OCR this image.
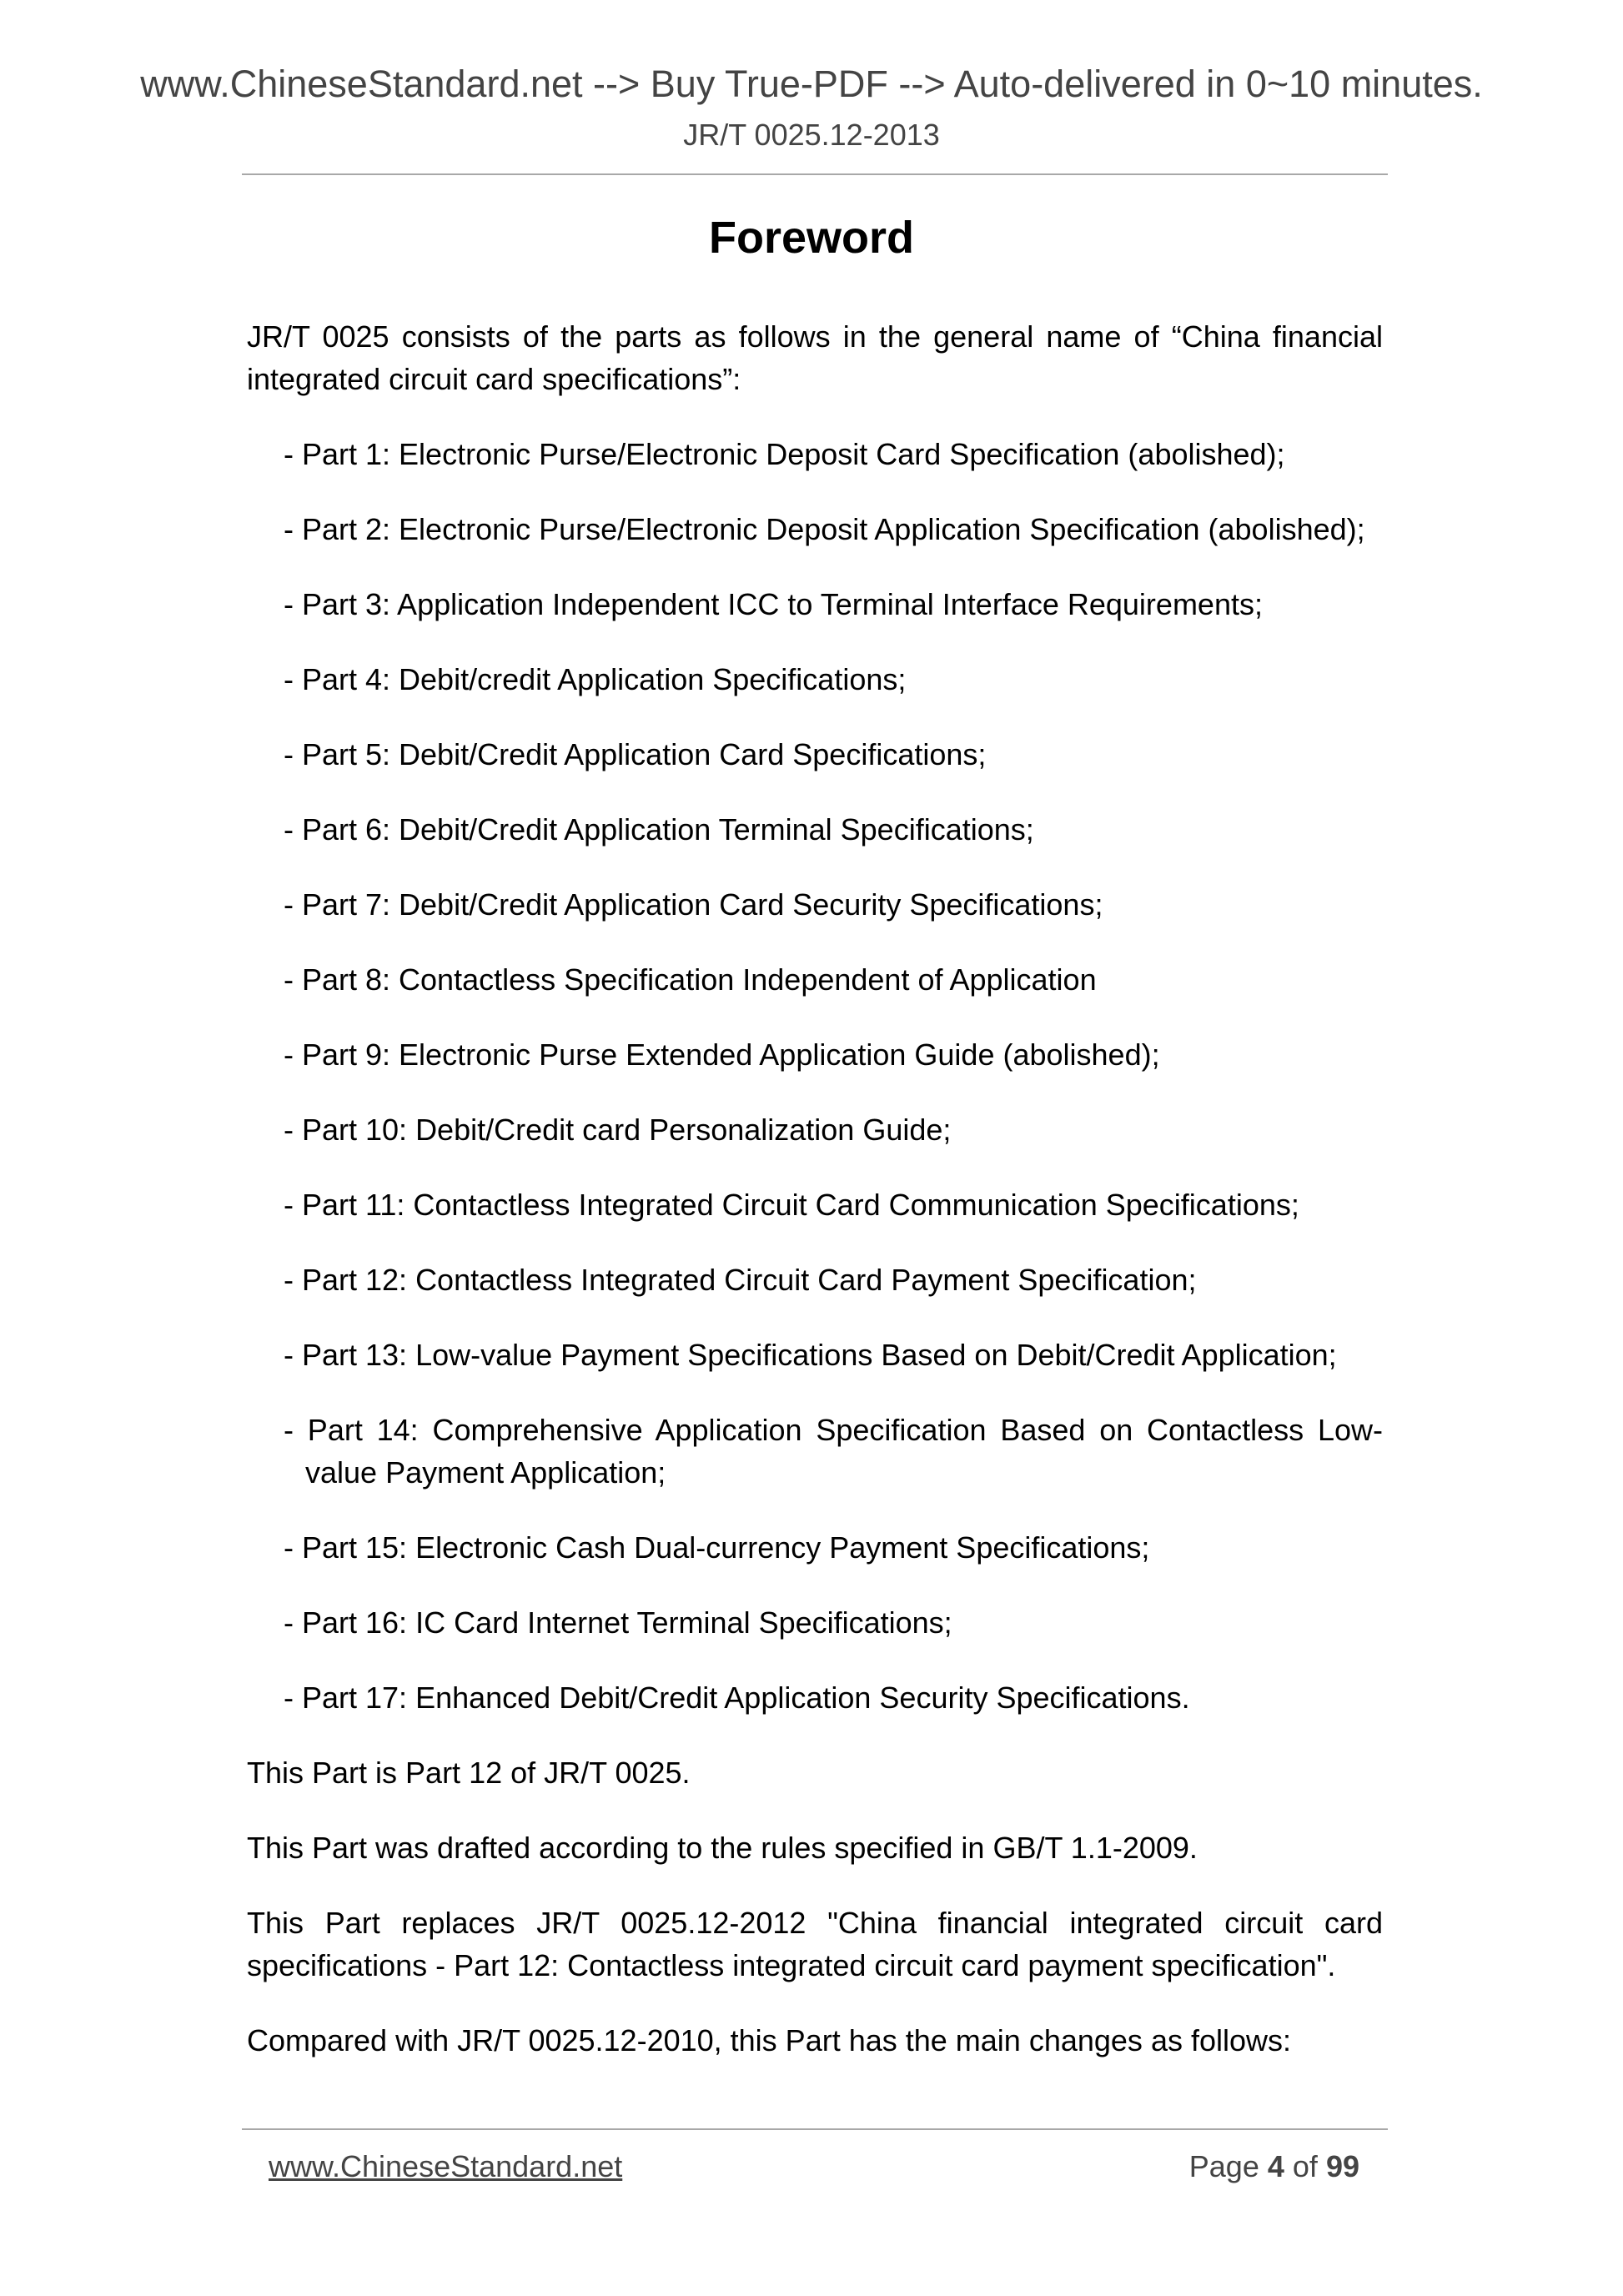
www.ChineseStandard.net --> Buy True-PDF --> Auto-delivered in 0~10 minutes.
JR/T 0025.12-2013
Foreword

JR/T 0025 consists of the parts as follows in the general name of “China financial integrated circuit card specifications”:

- Part 1: Electronic Purse/Electronic Deposit Card Specification (abolished);
- Part 2: Electronic Purse/Electronic Deposit Application Specification (abolished);
- Part 3: Application Independent ICC to Terminal Interface Requirements;
- Part 4: Debit/credit Application Specifications;
- Part 5: Debit/Credit Application Card Specifications;
- Part 6: Debit/Credit Application Terminal Specifications;
- Part 7: Debit/Credit Application Card Security Specifications;
- Part 8: Contactless Specification Independent of Application
- Part 9: Electronic Purse Extended Application Guide (abolished);
- Part 10: Debit/Credit card Personalization Guide;
- Part 11: Contactless Integrated Circuit Card Communication Specifications;
- Part 12: Contactless Integrated Circuit Card Payment Specification;
- Part 13: Low-value Payment Specifications Based on Debit/Credit Application;
- Part 14: Comprehensive Application Specification Based on Contactless Low-value Payment Application;
- Part 15: Electronic Cash Dual-currency Payment Specifications;
- Part 16: IC Card Internet Terminal Specifications;
- Part 17: Enhanced Debit/Credit Application Security Specifications.

This Part is Part 12 of JR/T 0025.

This Part was drafted according to the rules specified in GB/T 1.1-2009.

This Part replaces JR/T 0025.12-2012 "China financial integrated circuit card specifications - Part 12: Contactless integrated circuit card payment specification".

Compared with JR/T 0025.12-2010, this Part has the main changes as follows:

www.ChineseStandard.net	Page 4 of 99
